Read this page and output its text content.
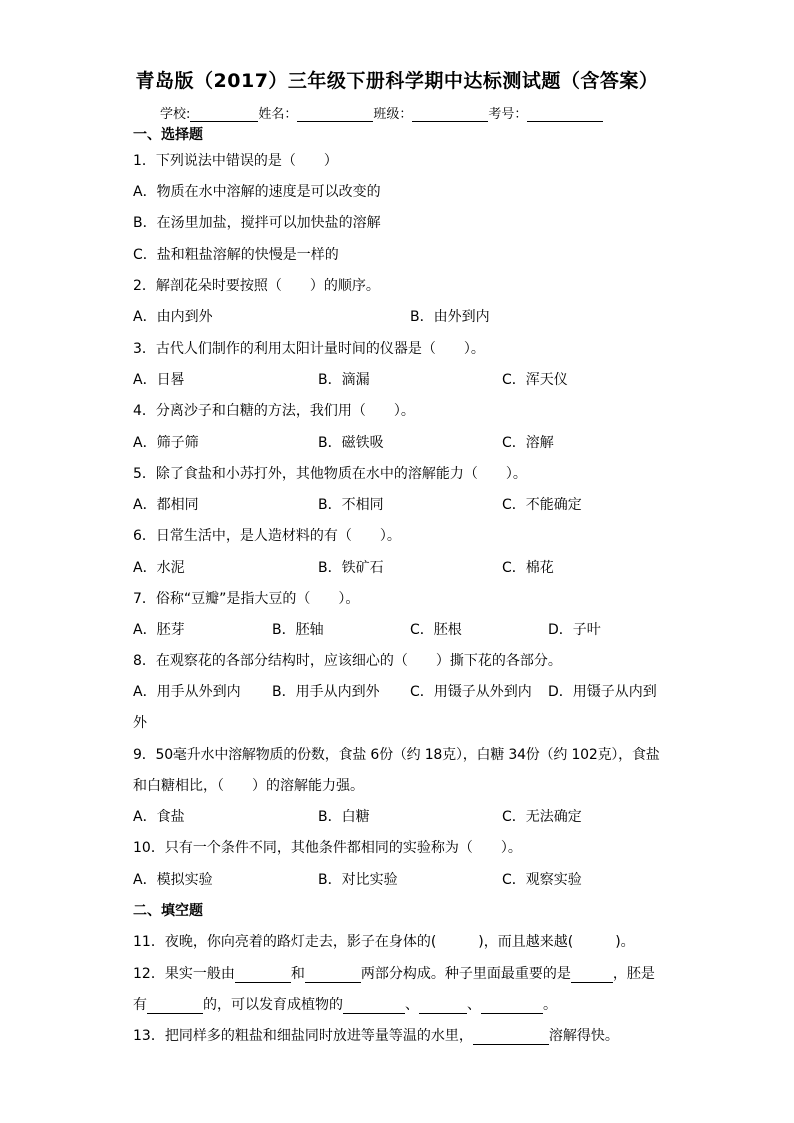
青岛版（2017）三年级下册科学期中达标测试题（含答案）
学校:	姓名：	班级：	考号：
一、选择题
1．下列说法中错误的是（　　）
A．物质在水中溶解的速度是可以改变的
B．在汤里加盐，搅拌可以加快盐的溶解
C．盐和粗盐溶解的快慢是一样的
2．解剖花朵时要按照（　　）的顺序。
A．由内到外	B．由外到内
3．古代人们制作的利用太阳计量时间的仪器是（　　）。
A．日晷	B．滴漏	C．浑天仪
4．分离沙子和白糖的方法，我们用（　　）。
A．筛子筛	B．磁铁吸	C．溶解
5．除了食盐和小苏打外，其他物质在水中的溶解能力（　　）。
A．都相同	B．不相同	C．不能确定
6．日常生活中，是人造材料的有（　　）。
A．水泥	B．铁矿石	C．棉花
7．俗称“豆瓣”是指大豆的（　　）。
A．胚芽	B．胚轴	C．胚根	D．子叶
8．在观察花的各部分结构时，应该细心的（　　）撕下花的各部分。
A．用手从外到内 B．用手从内到外 C．用镊子从外到内 D．用镊子从内到
外
9．50毫升水中溶解物质的份数，食盐 6份（约 18克），白糖 34份（约 102克），食盐
和白糖相比，（　　）的溶解能力强。
A．食盐	B．白糖	C．无法确定
10．只有一个条件不同，其他条件都相同的实验称为（　　）。
A．模拟实验	B．对比实验	C．观察实验
二、填空题
11．夜晚，你向亮着的路灯走去，影子在身体的(	)，而且越来越(	)。
12．果实一般由	和	两部分构成。种子里面最重要的是	，胚是
有	的，可以发育成植物的	、	、	。
13．把同样多的粗盐和细盐同时放进等量等温的水里，	溶解得快。
